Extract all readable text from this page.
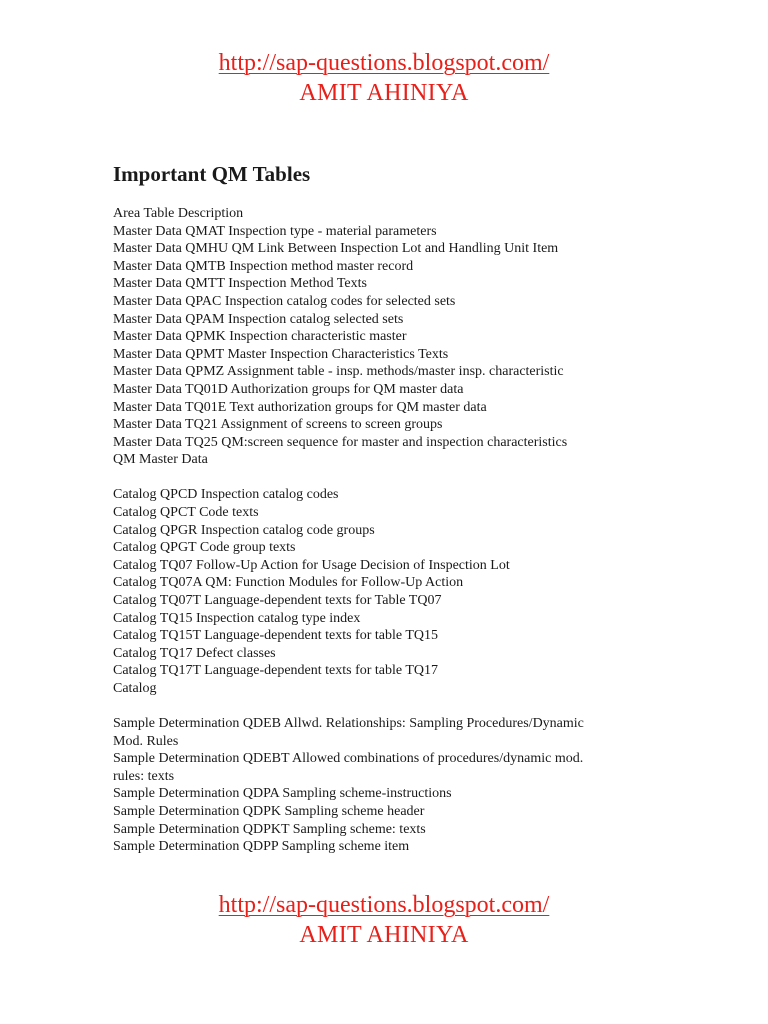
http://sap-questions.blogspot.com/
AMIT AHINIYA
Important QM Tables
Area Table Description
Master Data QMAT Inspection type - material parameters
Master Data QMHU QM Link Between Inspection Lot and Handling Unit Item
Master Data QMTB Inspection method master record
Master Data QMTT Inspection Method Texts
Master Data QPAC Inspection catalog codes for selected sets
Master Data QPAM Inspection catalog selected sets
Master Data QPMK Inspection characteristic master
Master Data QPMT Master Inspection Characteristics Texts
Master Data QPMZ Assignment table - insp. methods/master insp. characteristic
Master Data TQ01D Authorization groups for QM master data
Master Data TQ01E Text authorization groups for QM master data
Master Data TQ21 Assignment of screens to screen groups
Master Data TQ25 QM:screen sequence for master and inspection characteristics
QM Master Data
Catalog QPCD Inspection catalog codes
Catalog QPCT Code texts
Catalog QPGR Inspection catalog code groups
Catalog QPGT Code group texts
Catalog TQ07 Follow-Up Action for Usage Decision of Inspection Lot
Catalog TQ07A QM: Function Modules for Follow-Up Action
Catalog TQ07T Language-dependent texts for Table TQ07
Catalog TQ15 Inspection catalog type index
Catalog TQ15T Language-dependent texts for table TQ15
Catalog TQ17 Defect classes
Catalog TQ17T Language-dependent texts for table TQ17
Catalog
Sample Determination QDEB Allwd. Relationships: Sampling Procedures/Dynamic
Mod. Rules
Sample Determination QDEBT Allowed combinations of procedures/dynamic mod.
rules: texts
Sample Determination QDPA Sampling scheme-instructions
Sample Determination QDPK Sampling scheme header
Sample Determination QDPKT Sampling scheme: texts
Sample Determination QDPP Sampling scheme item
http://sap-questions.blogspot.com/
AMIT AHINIYA
